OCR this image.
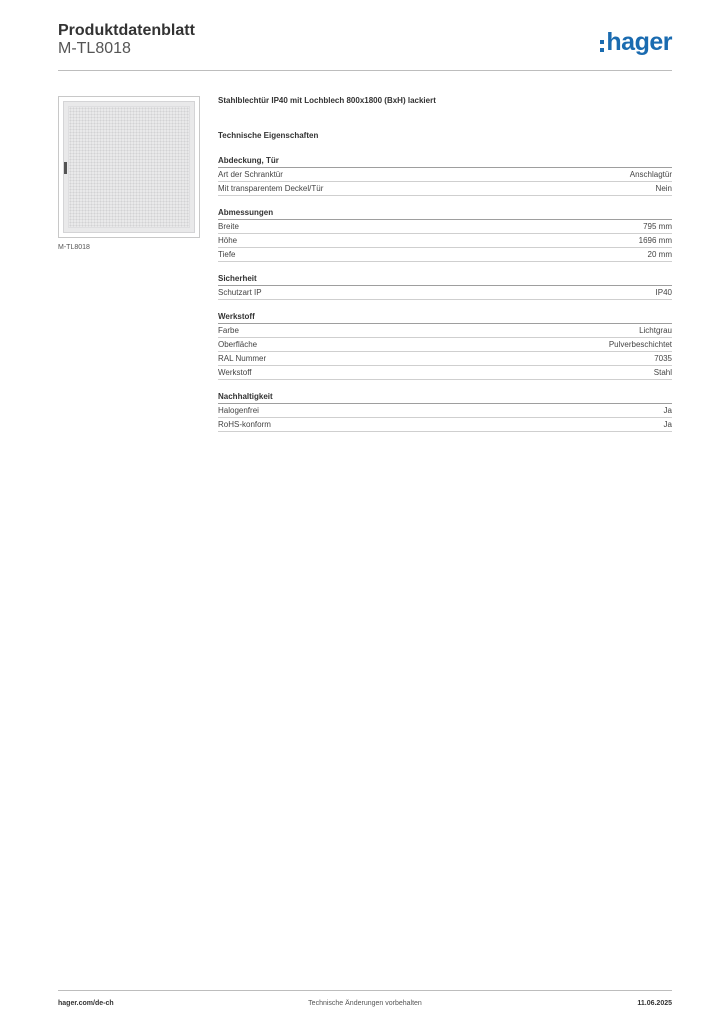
Produktdatenblatt
M-TL8018	hager
M-TL8018
Stahlblechtür IP40 mit Lochblech 800x1800 (BxH) lackiert
Technische Eigenschaften
Abdeckung, Tür
Art der Schranktür	Anschlagtür
Mit transparentem Deckel/Tür	Nein
Abmessungen
Breite	795 mm
Höhe	1696 mm
Tiefe	20 mm
Sicherheit
Schutzart IP	IP40
Werkstoff
Farbe	Lichtgrau
Oberfläche	Pulverbeschichtet
RAL Nummer	7035
Werkstoff	Stahl
Nachhaltigkeit
Halogenfrei	Ja
RoHS-konform	Ja
hager.com/de-ch	Technische Änderungen vorbehalten	11.06.2025
